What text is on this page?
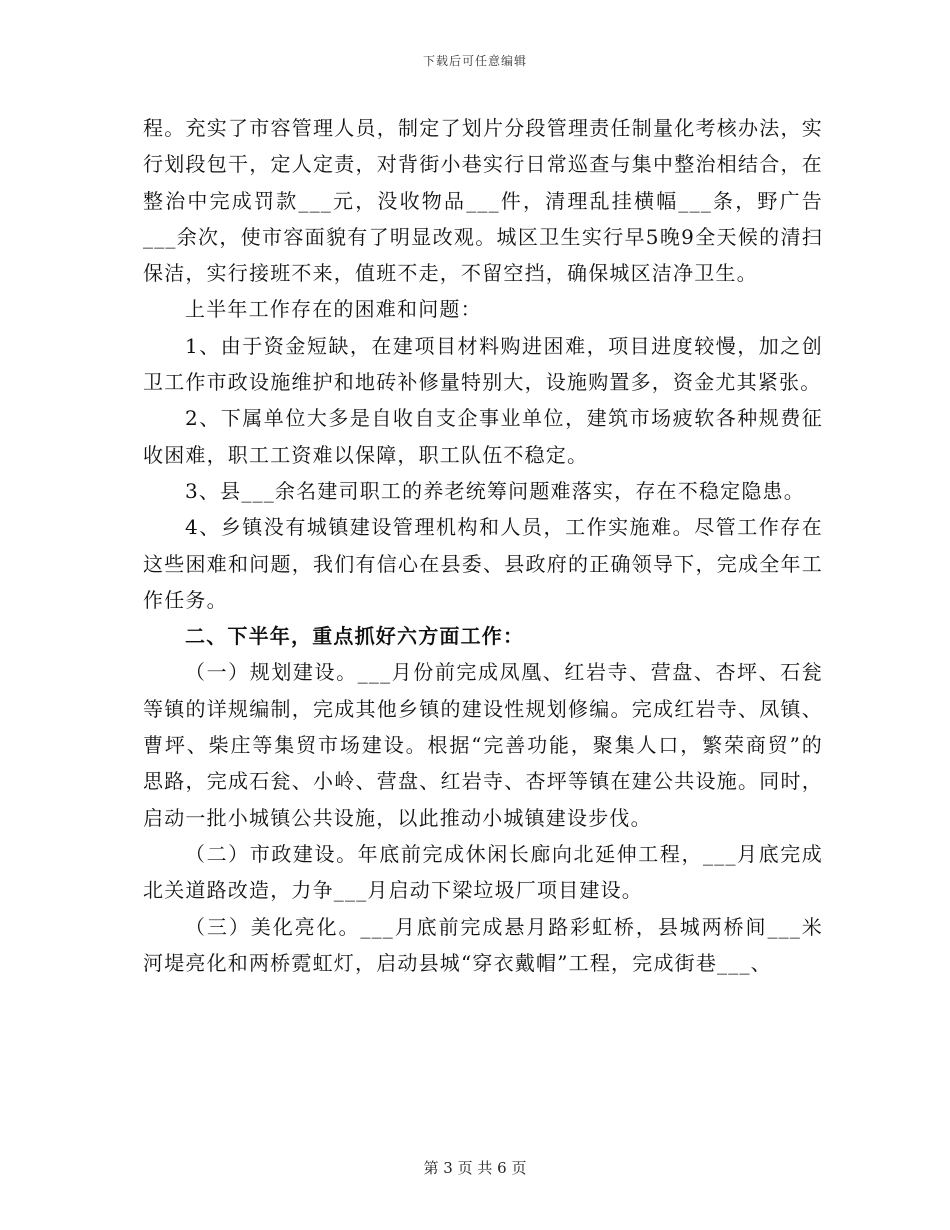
下载后可任意编辑

程。充实了市容管理人员，制定了划片分段管理责任制量化考核办法，实行划段包干，定人定责，对背街小巷实行日常巡查与集中整治相结合，在整治中完成罚款___元，没收物品___件，清理乱挂横幅___条，野广告___余次，使市容面貌有了明显改观。城区卫生实行早5晚9全天候的清扫保洁，实行接班不来，值班不走，不留空挡，确保城区洁净卫生。

上半年工作存在的困难和问题：

1、由于资金短缺，在建项目材料购进困难，项目进度较慢，加之创卫工作市政设施维护和地砖补修量特别大，设施购置多，资金尤其紧张。

2、下属单位大多是自收自支企事业单位，建筑市场疲软各种规费征收困难，职工工资难以保障，职工队伍不稳定。

3、县___余名建司职工的养老统筹问题难落实，存在不稳定隐患。

4、乡镇没有城镇建设管理机构和人员，工作实施难。尽管工作存在这些困难和问题，我们有信心在县委、县政府的正确领导下，完成全年工作任务。

二、下半年，重点抓好六方面工作：

（一）规划建设。___月份前完成凤凰、红岩寺、营盘、杏坪、石瓮等镇的详规编制，完成其他乡镇的建设性规划修编。完成红岩寺、凤镇、曹坪、柴庄等集贸市场建设。根据“完善功能，聚集人口，繁荣商贸”的思路，完成石瓮、小岭、营盘、红岩寺、杏坪等镇在建公共设施。同时，启动一批小城镇公共设施，以此推动小城镇建设步伐。

（二）市政建设。年底前完成休闲长廊向北延伸工程，___月底完成北关道路改造，力争___月启动下梁垃圾厂项目建设。

（三）美化亮化。___月底前完成悬月路彩虹桥，县城两桥间___米河堤亮化和两桥霓虹灯，启动县城“穿衣戴帽”工程，完成街巷___、

第 3 页 共 6 页
